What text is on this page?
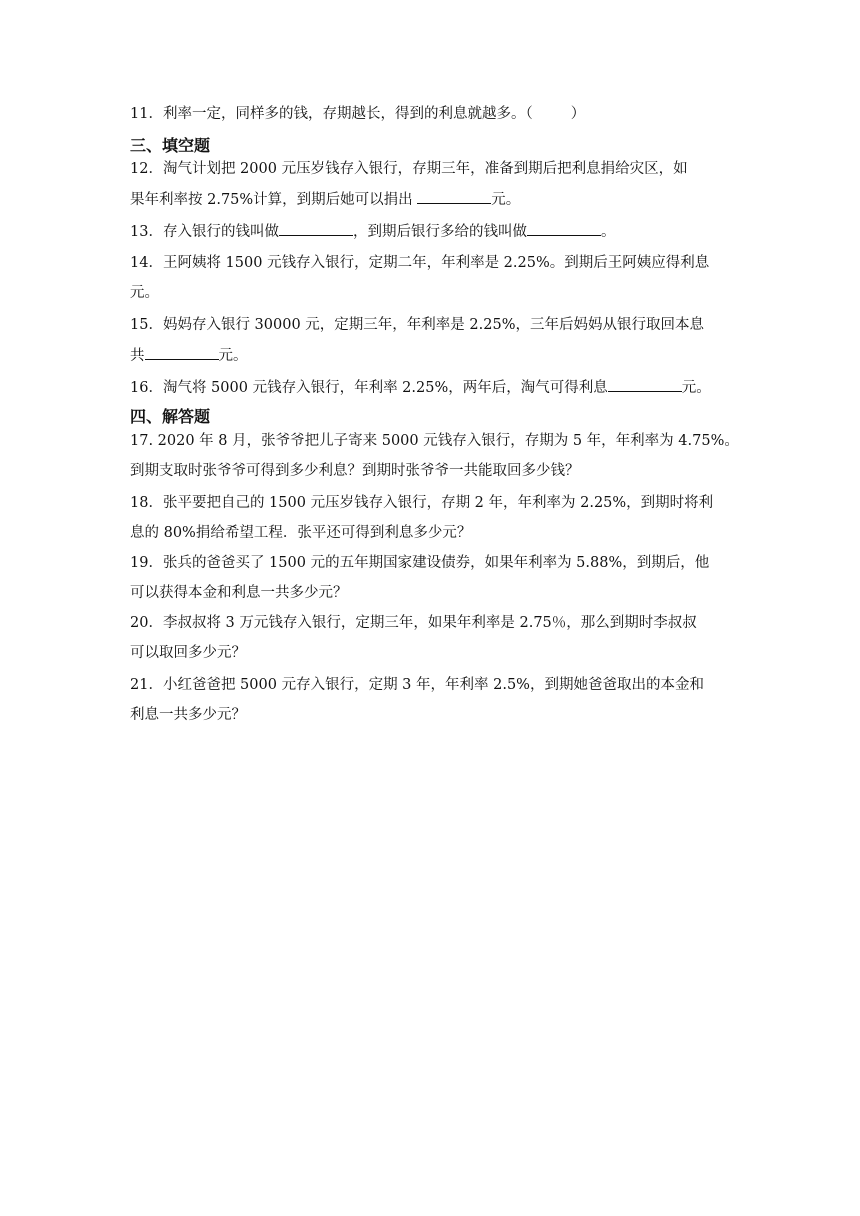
11．利率一定，同样多的钱，存期越长，得到的利息就越多。（	）
三、填空题
12．淘气计划把 2000 元压岁钱存入银行，存期三年，准备到期后把利息捐给灾区，如
果年利率按 2.75%计算，到期后她可以捐出	元。
13．存入银行的钱叫做	，到期后银行多给的钱叫做	。
14．王阿姨将 1500 元钱存入银行，定期二年，年利率是 2.25%。到期后王阿姨应得利息
元。
15．妈妈存入银行 30000 元，定期三年，年利率是 2.25%，三年后妈妈从银行取回本息
共	元。
16．淘气将 5000 元钱存入银行，年利率 2.25%，两年后，淘气可得利息	元。
四、解答题
17. 2020 年 8 月，张爷爷把儿子寄来 5000 元钱存入银行，存期为 5 年，年利率为 4.75%。
到期支取时张爷爷可得到多少利息？到期时张爷爷一共能取回多少钱？
18．张平要把自己的 1500 元压岁钱存入银行，存期 2 年，年利率为 2.25%，到期时将利
息的 80%捐给希望工程．张平还可得到利息多少元？
19．张兵的爸爸买了 1500 元的五年期国家建设债券，如果年利率为 5.88%，到期后，他
可以获得本金和利息一共多少元？
20．李叔叔将 3 万元钱存入银行，定期三年，如果年利率是 2.75％，那么到期时李叔叔
可以取回多少元？
21．小红爸爸把 5000 元存入银行，定期 3 年，年利率 2.5%，到期她爸爸取出的本金和
利息一共多少元？
